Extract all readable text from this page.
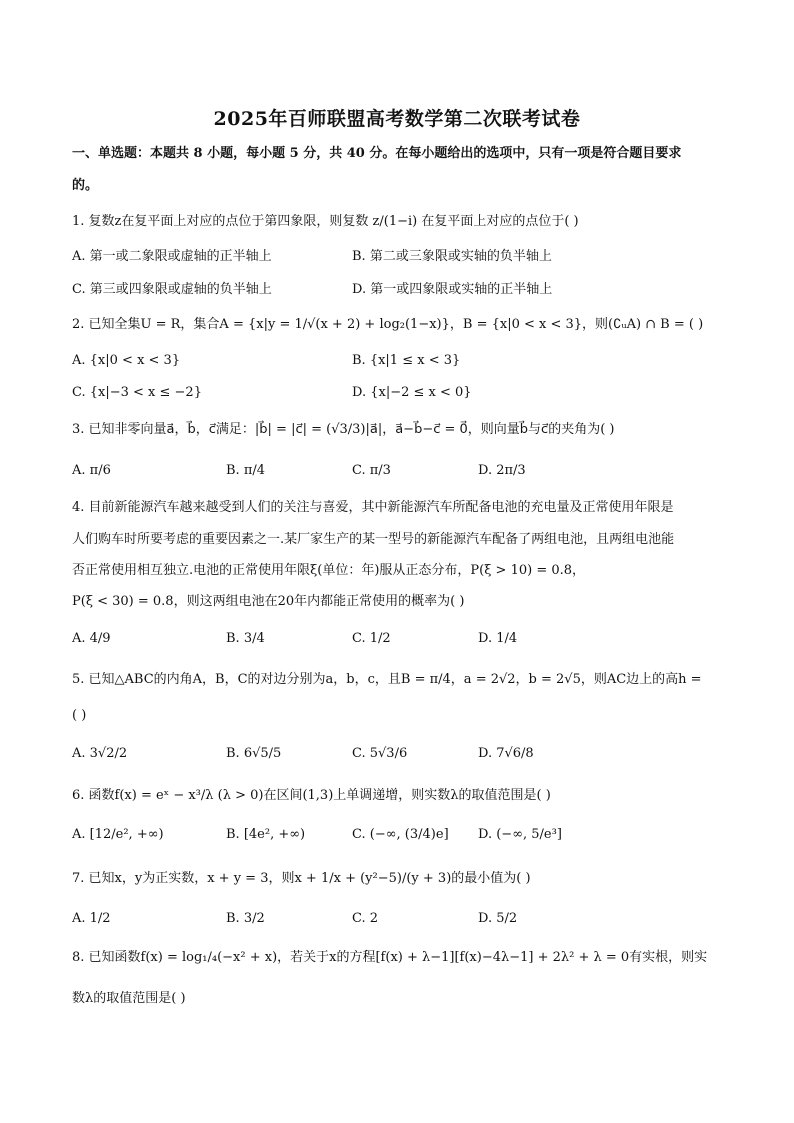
2025年百师联盟高考数学第二次联考试卷
一、单选题：本题共 8 小题，每小题 5 分，共 40 分。在每小题给出的选项中，只有一项是符合题目要求
的。
1. 复数z在复平面上对应的点位于第四象限，则复数 z/(1−i) 在复平面上对应的点位于( )
A. 第一或二象限或虚轴的正半轴上	B. 第二或三象限或实轴的负半轴上
C. 第三或四象限或虚轴的负半轴上	D. 第一或四象限或实轴的正半轴上
2. 已知全集U = R，集合A = {x|y = 1/√(x + 2) + log₂(1−x)}，B = {x|0 < x < 3}，则(∁ᵤA) ∩ B = ( )
A. {x|0 < x < 3}	B. {x|1 ≤ x < 3}
C. {x|−3 < x ≤ −2}	D. {x|−2 ≤ x < 0}
3. 已知非零向量a⃗，b⃗，c⃗满足：|b⃗| = |c⃗| = (√3/3)|a⃗|，a⃗−b⃗−c⃗ = 0⃗，则向量b⃗与c⃗的夹角为( )
A. π/6	B. π/4	C. π/3	D. 2π/3
4. 目前新能源汽车越来越受到人们的关注与喜爱，其中新能源汽车所配备电池的充电量及正常使用年限是
人们购车时所要考虑的重要因素之一.某厂家生产的某一型号的新能源汽车配备了两组电池，且两组电池能
否正常使用相互独立.电池的正常使用年限ξ(单位：年)服从正态分布，P(ξ > 10) = 0.8，
P(ξ < 30) = 0.8，则这两组电池在20年内都能正常使用的概率为( )
A. 4/9	B. 3/4	C. 1/2	D. 1/4
5. 已知△ABC的内角A，B，C的对边分别为a，b，c，且B = π/4，a = 2√2，b = 2√5，则AC边上的高h =
( )
A. 3√2/2	B. 6√5/5	C. 5√3/6	D. 7√6/8
6. 函数f(x) = eˣ − x³/λ (λ > 0)在区间(1,3)上单调递增，则实数λ的取值范围是( )
A. [12/e², +∞)	B. [4e², +∞)	C. (−∞, (3/4)e] D. (−∞, 5/e³]
7. 已知x，y为正实数，x + y = 3，则x + 1/x + (y²−5)/(y + 3)的最小值为( )
A. 1/2	B. 3/2	C. 2	D. 5/2
8. 已知函数f(x) = log₁/₄(−x² + x)，若关于x的方程[f(x) + λ−1][f(x)−4λ−1] + 2λ² + λ = 0有实根，则实
数λ的取值范围是( )
